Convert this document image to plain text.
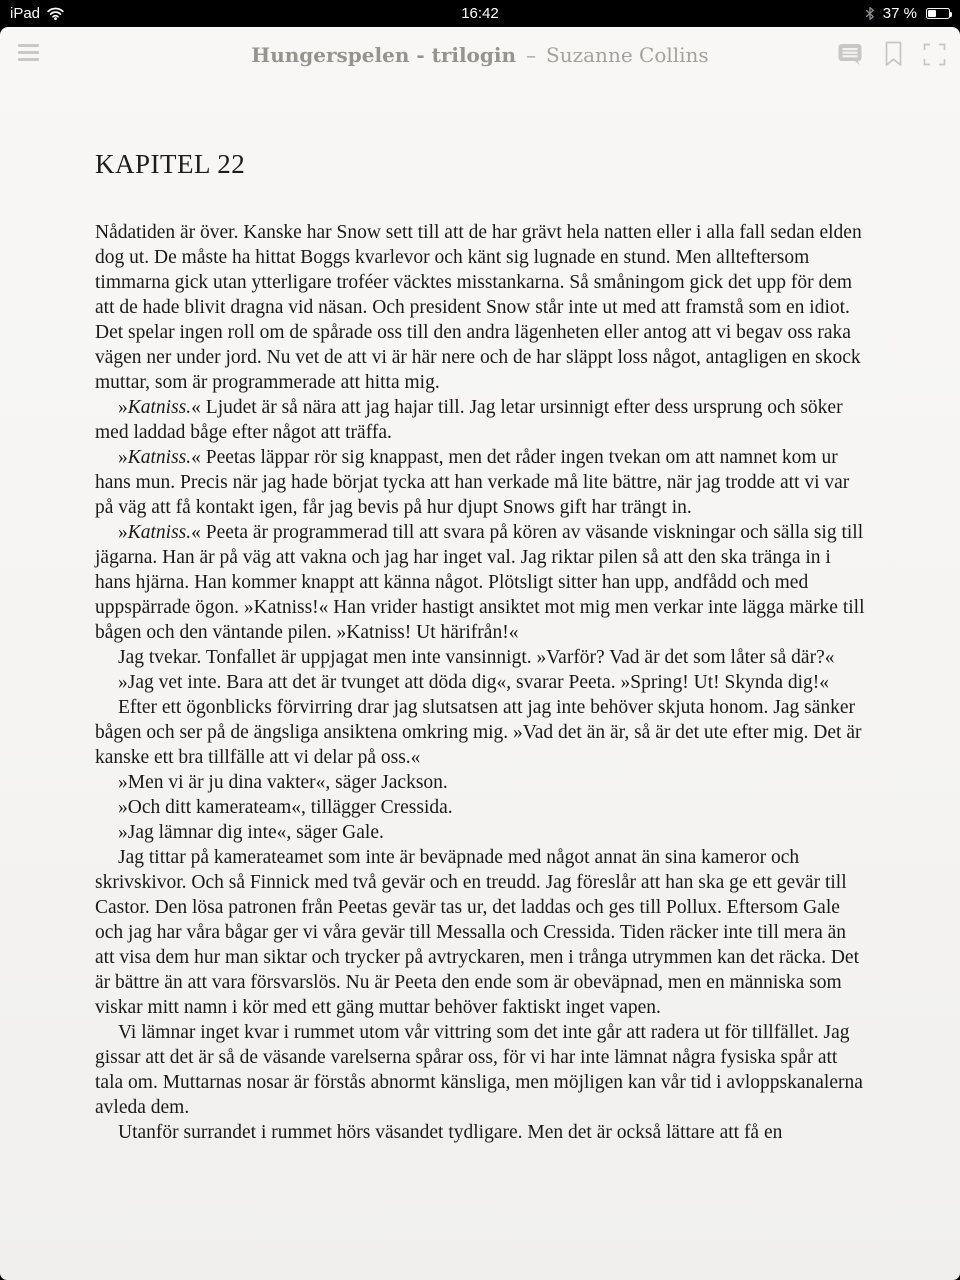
iPad	16:42	37 %
Hungerspelen - trilogin – Suzanne Collins
KAPITEL 22

Nådatiden är över. Kanske har Snow sett till att de har grävt hela natten eller i alla fall sedan elden dog ut. De måste ha hittat Boggs kvarlevor och känt sig lugnade en stund. Men allteftersom timmarna gick utan ytterligare troféer väcktes misstankarna. Så småningom gick det upp för dem att de hade blivit dragna vid näsan. Och president Snow står inte ut med att framstå som en idiot. Det spelar ingen roll om de spårade oss till den andra lägenheten eller antog att vi begav oss raka vägen ner under jord. Nu vet de att vi är här nere och de har släppt loss något, antagligen en skock muttar, som är programmerade att hitta mig.

»Katniss.« Ljudet är så nära att jag hajar till. Jag letar ursinnigt efter dess ursprung och söker med laddad båge efter något att träffa.

»Katniss.« Peetas läppar rör sig knappast, men det råder ingen tvekan om att namnet kom ur hans mun. Precis när jag hade börjat tycka att han verkade må lite bättre, när jag trodde att vi var på väg att få kontakt igen, får jag bevis på hur djupt Snows gift har trängt in.

»Katniss.« Peeta är programmerad till att svara på kören av väsande viskningar och sälla sig till jägarna. Han är på väg att vakna och jag har inget val. Jag riktar pilen så att den ska tränga in i hans hjärna. Han kommer knappt att känna något. Plötsligt sitter han upp, andfådd och med uppspärrade ögon. »Katniss!« Han vrider hastigt ansiktet mot mig men verkar inte lägga märke till bågen och den väntande pilen. »Katniss! Ut härifrån!«

Jag tvekar. Tonfallet är uppjagat men inte vansinnigt. »Varför? Vad är det som låter så där?«

»Jag vet inte. Bara att det är tvunget att döda dig«, svarar Peeta. »Spring! Ut! Skynda dig!«

Efter ett ögonblicks förvirring drar jag slutsatsen att jag inte behöver skjuta honom. Jag sänker bågen och ser på de ängsliga ansiktena omkring mig. »Vad det än är, så är det ute efter mig. Det är kanske ett bra tillfälle att vi delar på oss.«

»Men vi är ju dina vakter«, säger Jackson.

»Och ditt kamerateam«, tillägger Cressida.

»Jag lämnar dig inte«, säger Gale.

Jag tittar på kamerateamet som inte är beväpnade med något annat än sina kameror och skrivskivor. Och så Finnick med två gevär och en treudd. Jag föreslår att han ska ge ett gevär till Castor. Den lösa patronen från Peetas gevär tas ur, det laddas och ges till Pollux. Eftersom Gale och jag har våra bågar ger vi våra gevär till Messalla och Cressida. Tiden räcker inte till mera än att visa dem hur man siktar och trycker på avtryckaren, men i trånga utrymmen kan det räcka. Det är bättre än att vara försvarslös. Nu är Peeta den ende som är obeväpnad, men en människa som viskar mitt namn i kör med ett gäng muttar behöver faktiskt inget vapen.

Vi lämnar inget kvar i rummet utom vår vittring som det inte går att radera ut för tillfället. Jag gissar att det är så de väsande varelserna spårar oss, för vi har inte lämnat några fysiska spår att tala om. Muttarnas nosar är förstås abnormt känsliga, men möjligen kan vår tid i avloppskanalerna avleda dem.

Utanför surrandet i rummet hörs väsandet tydligare. Men det är också lättare att få en
